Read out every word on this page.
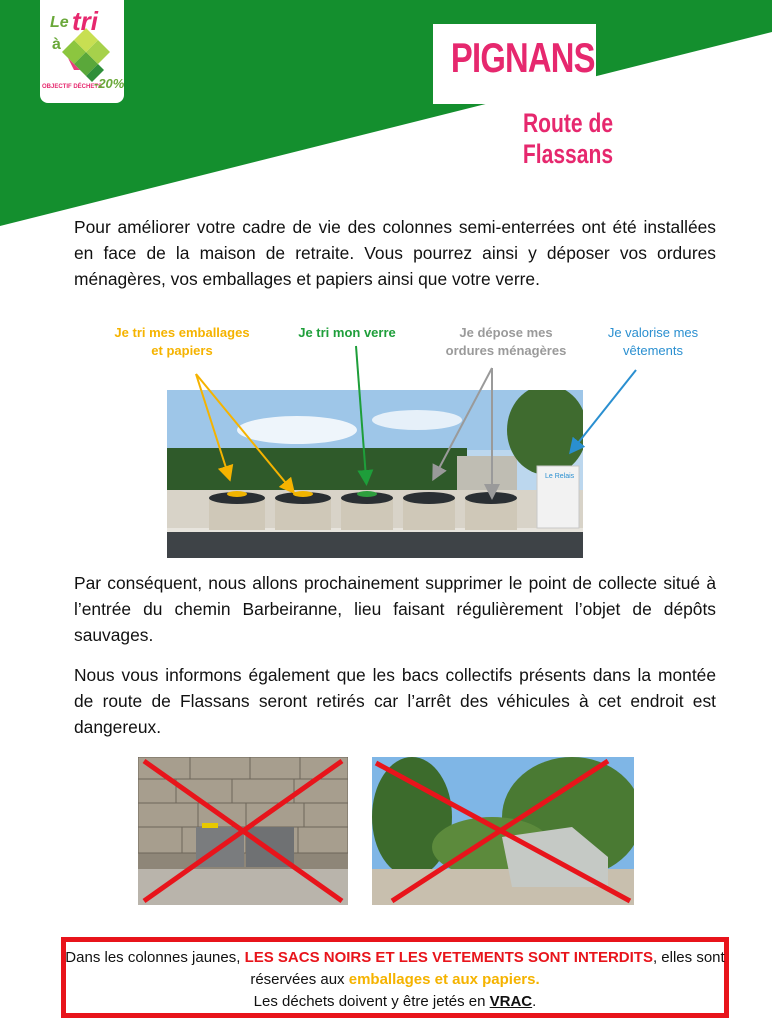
Le tri
à
OBJECTIF DÉCHETS
-20%
PIGNANS
Route de Flassans
Pour améliorer votre cadre de vie des colonnes semi-enterrées ont été installées en face de la maison de retraite. Vous pourrez ainsi y déposer vos ordures ménagères, vos emballages et papiers ainsi que votre verre.
Je tri mes emballages
et papiers
Je tri mon verre	Je dépose mes
ordures ménagères
Je valorise mes
vêtements
Le Relais
Par conséquent, nous allons prochainement supprimer le point de collecte situé à l’entrée du chemin Barbeiranne, lieu faisant régulièrement l’objet de dépôts sauvages.
Nous vous informons également que les bacs collectifs présents dans la montée de route de Flassans seront retirés car l’arrêt des véhicules à cet endroit est dangereux.
Dans les colonnes jaunes, LES SACS NOIRS ET LES VETEMENTS SONT INTERDITS, elles sont réservées aux emballages et aux papiers.
Les déchets doivent y être jetés en VRAC.
